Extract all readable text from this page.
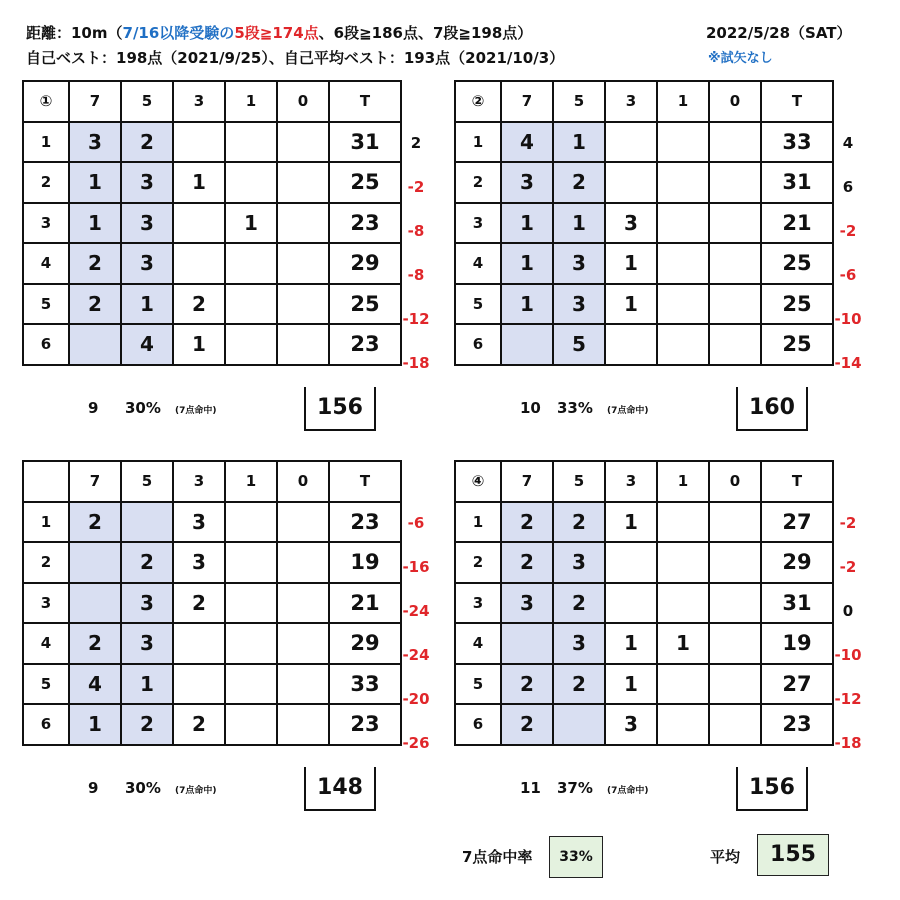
距離：10m（7/16以降受験の5段≧174点、6段≧186点、7段≧198点）
自己ベスト：198点（2021/9/25）、自己平均ベスト：193点（2021/10/3）
2022/5/28（SAT）
※試矢なし
①	7	5	3	1	0	T
1	3	2				31
2	1	3	1			25
3	1	3		1		23
4	2	3				29
5	2	1	2			25
6		4	1			23
2
-2
-8
-8
-12
-18
9 30% (7点命中)	156
②	7	5	3	1	0	T
1	4	1				33
2	3	2				31
3	1	1	3			21
4	1	3	1			25
5	1	3	1			25
6		5				25
4
6
-2
-6
-10
-14
10 33% (7点命中)	160
	7	5	3	1	0	T
1	2		3			23
2		2	3			19
3		3	2			21
4	2	3				29
5	4	1				33
6	1	2	2			23
-6
-16
-24
-24
-20
-26
9 30% (7点命中)	148
④	7	5	3	1	0	T
1	2	2	1			27
2	2	3				29
3	3	2				31
4		3	1	1		19
5	2	2	1			27
6	2		3			23
-2
-2
0
-10
-12
-18
11 37% (7点命中)	156
7点命中率	33%	平均	155
